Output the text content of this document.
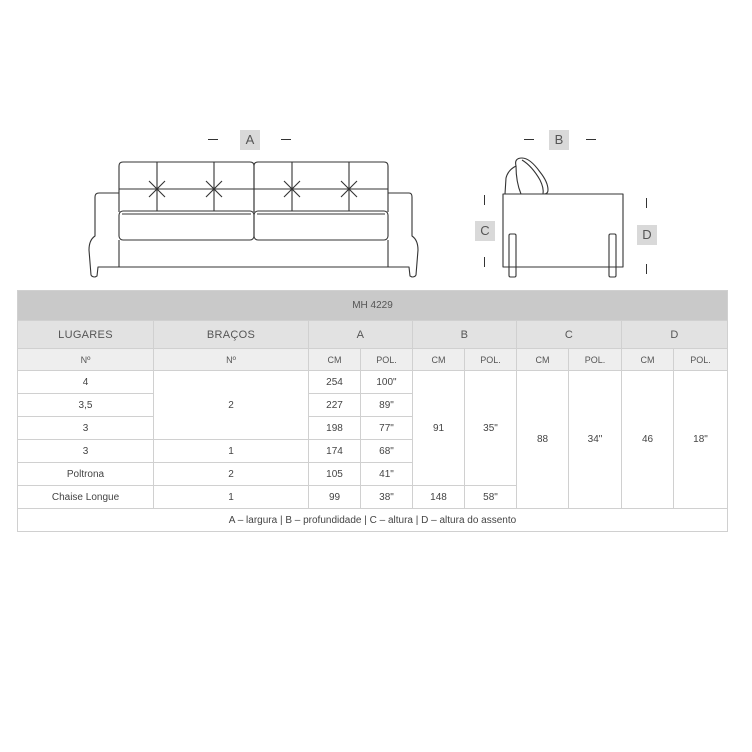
A	B
C	D
MH 4229									
LUGARES	BRAÇOS	A		B		C		D	
Nº	Nº	CM	POL.	CM	POL.	CM	POL.	CM	POL.
4	2	254	100"	91	35"	88	34"	46	18"
3,5		227	89"						
3		198	77"						
3	1	174	68"						
Poltrona	2	105	41"						
Chaise Longue	1	99	38"	148	58"				
A – largura | B – profundidade | C – altura | D – altura do assento									
